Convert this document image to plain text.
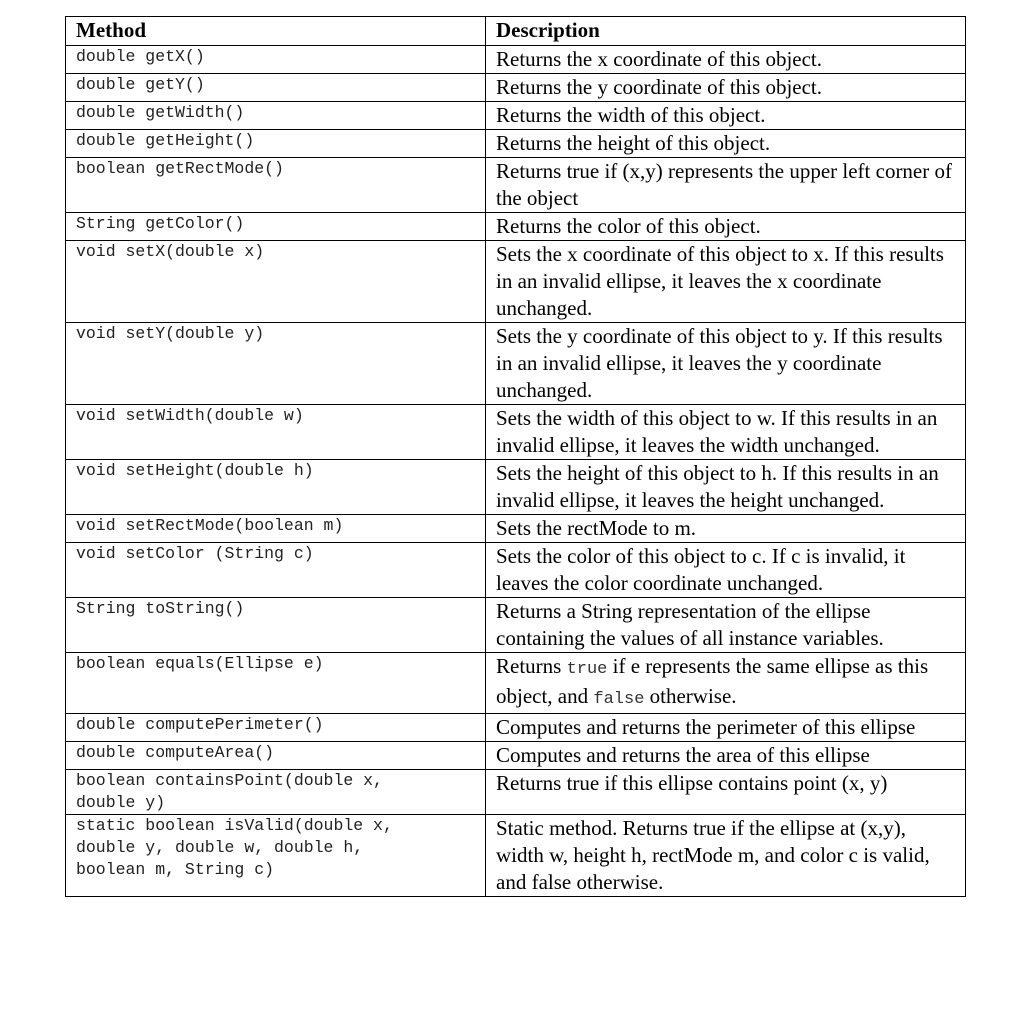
Method	Description
double getX()	Returns the x coordinate of this object.
double getY()	Returns the y coordinate of this object.
double getWidth()	Returns the width of this object.
double getHeight()	Returns the height of this object.
boolean getRectMode()	Returns true if (x,y) represents the upper left corner of the object
String getColor()	Returns the color of this object.
void setX(double x)	Sets the x coordinate of this object to x. If this results in an invalid ellipse, it leaves the x coordinate unchanged.
void setY(double y)	Sets the y coordinate of this object to y. If this results in an invalid ellipse, it leaves the y coordinate unchanged.
void setWidth(double w)	Sets the width of this object to w. If this results in an invalid ellipse, it leaves the width unchanged.
void setHeight(double h)	Sets the height of this object to h. If this results in an invalid ellipse, it leaves the height unchanged.
void setRectMode(boolean m)	Sets the rectMode to m.
void setColor (String c)	Sets the color of this object to c. If c is invalid, it leaves the color coordinate unchanged.
String toString()	Returns a String representation of the ellipse containing the values of all instance variables.
boolean equals(Ellipse e)	Returns true if e represents the same ellipse as this object, and false otherwise.
double computePerimeter()	Computes and returns the perimeter of this ellipse
double computeArea()	Computes and returns the area of this ellipse
boolean containsPoint(double x,
double y)	Returns true if this ellipse contains point (x, y)
static boolean isValid(double x,
double y, double w, double h,
boolean m, String c)	Static method. Returns true if the ellipse at (x,y), width w, height h, rectMode m, and color c is valid, and false otherwise.
